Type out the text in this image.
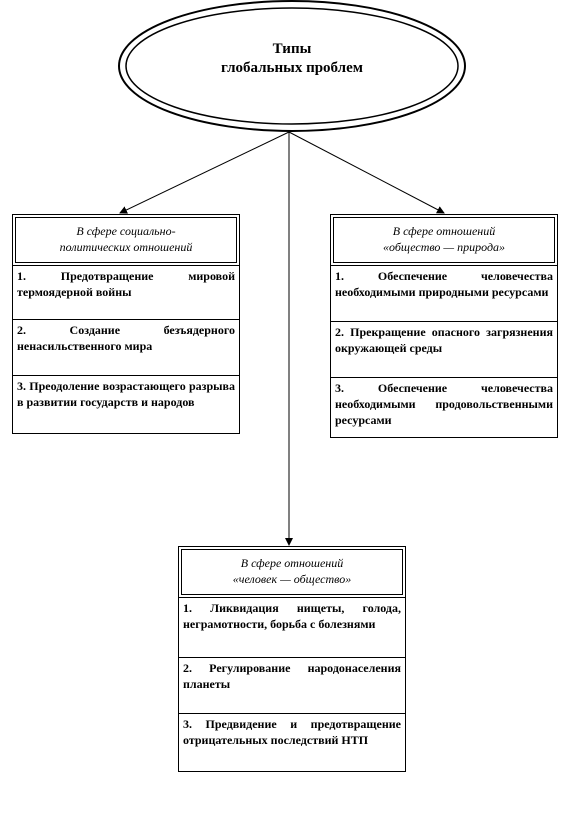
Типы
глобальных проблем
В сфере социально-
политических отношений
1. Предотвращение мировой термоядерной войны
2. Создание безъядерного ненасильственного мира
3. Преодоление возрастающего разрыва в развитии государств и народов
В сфере отношений
«общество — природа»
1. Обеспечение человечества необходимыми природными ресурсами
2. Прекращение опасного загрязнения окружающей среды
3. Обеспечение человечества необходимыми продовольственными ресурсами
В сфере отношений
«человек — общество»
1. Ликвидация нищеты, голода, неграмотности, борьба с болезнями
2. Регулирование народонаселения планеты
3. Предвидение и предотвращение отрицательных последствий НТП
